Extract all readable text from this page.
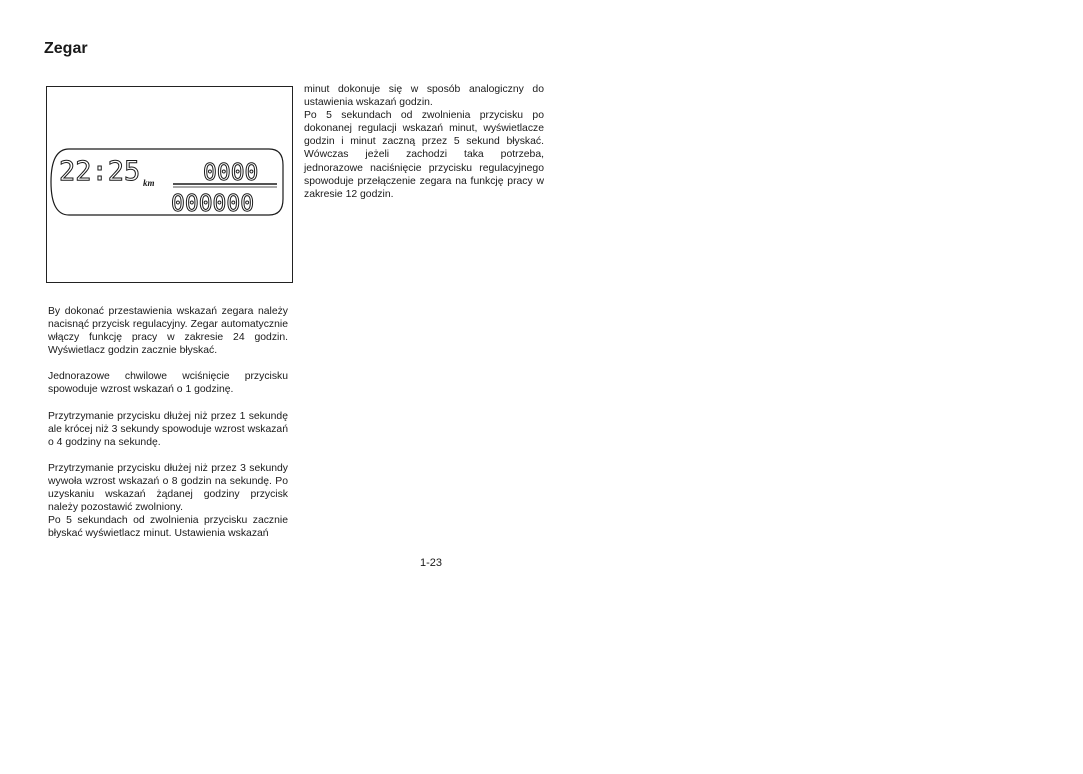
Zegar
22:25 km 0000
000000

By dokonać przestawienia wskazań zegara należy nacisnąć przycisk regulacyjny. Zegar automatycznie włączy funkcję pracy w zakresie 24 godzin. Wyświetlacz godzin zacznie błyskać.

Jednorazowe chwilowe wciśnięcie przycisku spowoduje wzrost wskazań o 1 godzinę.

Przytrzymanie przycisku dłużej niż przez 1 sekundę ale krócej niż 3 sekundy spowoduje wzrost wskazań o 4 godziny na sekundę.

Przytrzymanie przycisku dłużej niż przez 3 sekundy wywoła wzrost wskazań o 8 godzin na sekundę. Po uzyskaniu wskazań żądanej godziny przycisk należy pozostawić zwolniony.

Po 5 sekundach od zwolnienia przycisku zacznie błyskać wyświetlacz minut. Ustawienia wskazań

minut dokonuje się w sposób analogiczny do ustawienia wskazań godzin.

Po 5 sekundach od zwolnienia przycisku po dokonanej regulacji wskazań minut, wyświetlacze godzin i minut zaczną przez 5 sekund błyskać. Wówczas jeżeli zachodzi taka potrzeba, jednorazowe naciśnięcie przycisku regulacyjnego spowoduje przełączenie zegara na funkcję pracy w zakresie 12 godzin.

1-23
